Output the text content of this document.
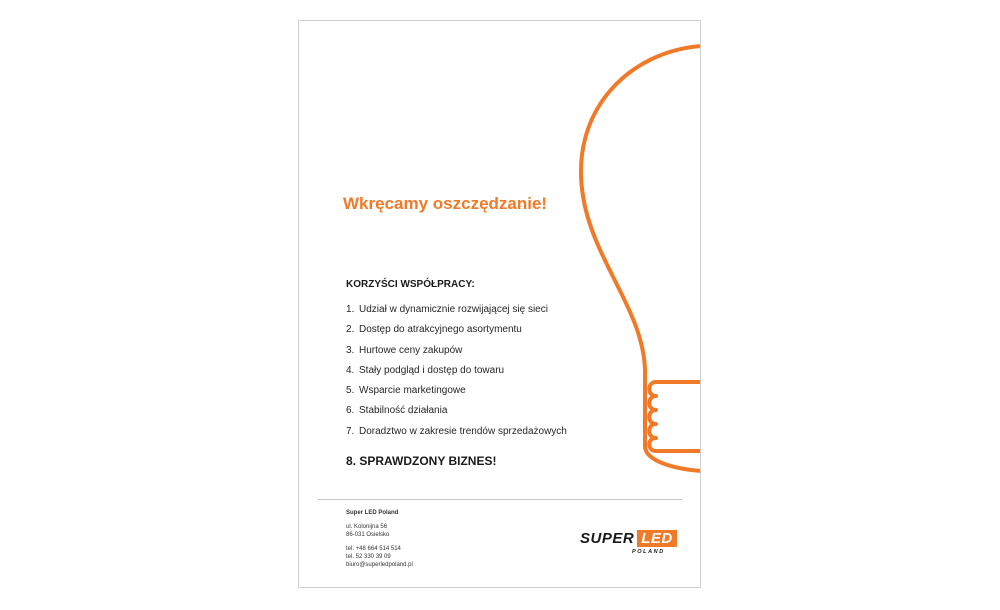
Wkręcamy oszczędzanie!
KORZYŚCI WSPÓŁPRACY:
1. Udział w dynamicznie rozwijającej się sieci
2. Dostęp do atrakcyjnego asortymentu
3. Hurtowe ceny zakupów
4. Stały podgląd i dostęp do towaru
5. Wsparcie marketingowe
6. Stabilność działania
7. Doradztwo w zakresie trendów sprzedażowych

8. SPRAWDZONY BIZNES!

Super LED Poland
ul. Kolonijna 56
86-031 Osielsko
tel. +48 664 514 514
tel. 52 330 39 09
biuro@superledpoland.pl
SUPER LED
POLAND
